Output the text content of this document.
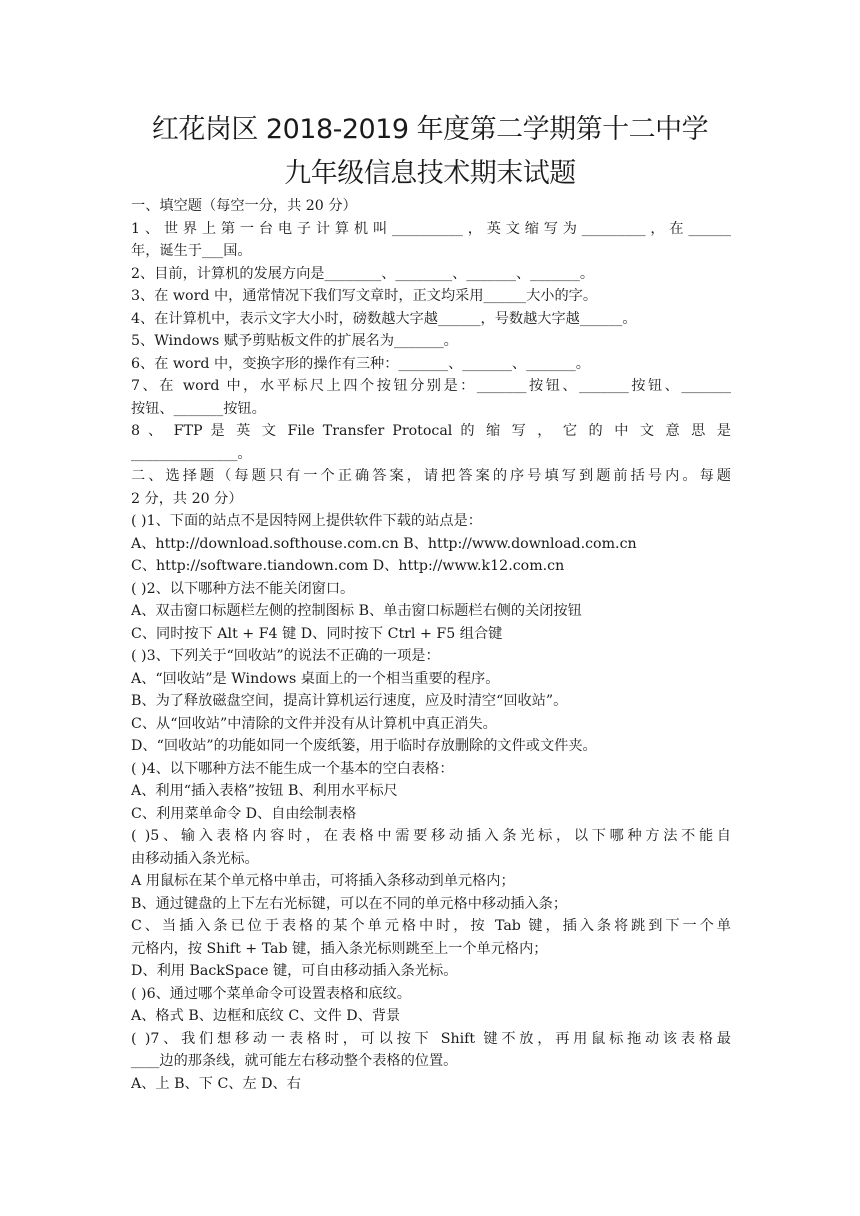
红花岗区 2018-2019 年度第二学期第十二中学
九年级信息技术期末试题
一、填空题（每空一分，共 20 分）
1、世界上第一台电子计算机叫__________，英文缩写为_________，在______
年，诞生于___国。
2、目前，计算机的发展方向是________、________、_______、_______。
3、在 word 中，通常情况下我们写文章时，正文均采用______大小的字。
4、在计算机中，表示文字大小时，磅数越大字越______，号数越大字越______。
5、Windows 赋予剪贴板文件的扩展名为_______。
6、在 word 中，变换字形的操作有三种：_______、_______、_______。
7、在 word 中，水平标尺上四个按钮分别是：_______按钮、_______按钮、_______
按钮、_______按钮。
8 、 FTP 是 英 文 File Transfer Protocal 的 缩 写 ， 它 的 中 文 意 思 是
_______________。
二、选择题（每题只有一个正确答案，请把答案的序号填写到题前括号内。每题
2 分，共 20 分）
( )1、下面的站点不是因特网上提供软件下载的站点是：
A、http://download.softhouse.com.cn B、http://www.download.com.cn
C、http://software.tiandown.com D、http://www.k12.com.cn
( )2、以下哪种方法不能关闭窗口。
A、双击窗口标题栏左侧的控制图标 B、单击窗口标题栏右侧的关闭按钮
C、同时按下 Alt + F4 键 D、同时按下 Ctrl + F5 组合键
( )3、下列关于“回收站”的说法不正确的一项是：
A、“回收站”是 Windows 桌面上的一个相当重要的程序。
B、为了释放磁盘空间，提高计算机运行速度，应及时清空“回收站”。
C、从“回收站”中清除的文件并没有从计算机中真正消失。
D、“回收站”的功能如同一个废纸篓，用于临时存放删除的文件或文件夹。
( )4、以下哪种方法不能生成一个基本的空白表格：
A、利用“插入表格”按钮 B、利用水平标尺
C、利用菜单命令 D、自由绘制表格
( )5、输入表格内容时，在表格中需要移动插入条光标，以下哪种方法不能自
由移动插入条光标。
A 用鼠标在某个单元格中单击，可将插入条移动到单元格内；
B、通过键盘的上下左右光标键，可以在不同的单元格中移动插入条；
C、当插入条已位于表格的某个单元格中时，按 Tab 键，插入条将跳到下一个单
元格内，按 Shift + Tab 键，插入条光标则跳至上一个单元格内；
D、利用 BackSpace 键，可自由移动插入条光标。
( )6、通过哪个菜单命令可设置表格和底纹。
A、格式 B、边框和底纹 C、文件 D、背景
( )7、我们想移动一表格时，可以按下 Shift 键不放，再用鼠标拖动该表格最
____边的那条线，就可能左右移动整个表格的位置。
A、上 B、下 C、左 D、右
